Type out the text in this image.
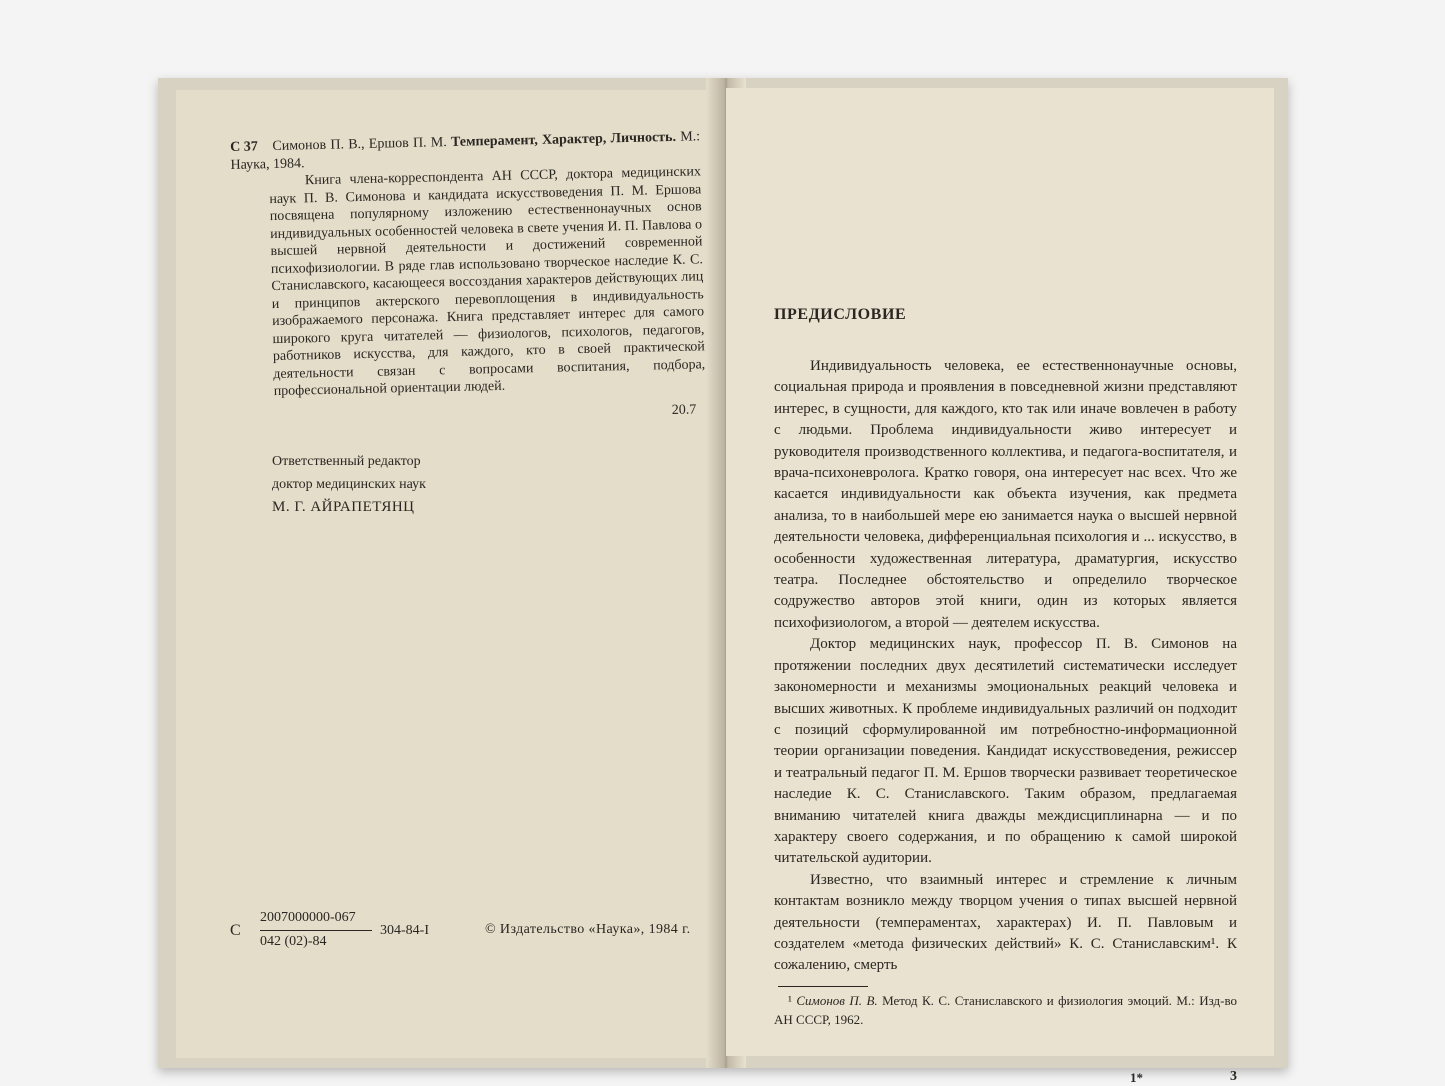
С 37 Симонов П. В., Ершов П. М. Темперамент, Характер, Личность. М.: Наука, 1984.

Книга члена-корреспондента АН СССР, доктора медицинских наук П. В. Симонова и кандидата искусствоведения П. М. Ершова посвящена популярному изложению естественнонаучных основ индивидуальных особенностей человека в свете учения И. П. Павлова о высшей нервной деятельности и достижений современной психофизиологии. В ряде глав использовано творческое наследие К. С. Станиславского, касающееся воссоздания характеров действующих лиц и принципов актерского перевоплощения в индивидуальность изображаемого персонажа. Книга представляет интерес для самого широкого круга читателей — физиологов, психологов, педагогов, работников искусства, для каждого, кто в своей практической деятельности связан с вопросами воспитания, подбора, профессиональной ориентации людей.

20.7
Ответственный редактор
доктор медицинских наук
М. Г. АЙРАПЕТЯНЦ
С
2007000000-067
042 (02)-84
304-84-I	© Издательство «Наука», 1984 г.
ПРЕДИСЛОВИЕ

Индивидуальность человека, ее естественнонаучные основы, социальная природа и проявления в повседневной жизни представляют интерес, в сущности, для каждого, кто так или иначе вовлечен в работу с людьми. Проблема индивидуальности живо интересует и руководителя производственного коллектива, и педагога-воспитателя, и врача-психоневролога. Кратко говоря, она интересует нас всех. Что же касается индивидуальности как объекта изучения, как предмета анализа, то в наибольшей мере ею занимается наука о высшей нервной деятельности человека, дифференциальная психология и ... искусство, в особенности художественная литература, драматургия, искусство театра. Последнее обстоятельство и определило творческое содружество авторов этой книги, один из которых является психофизиологом, а второй — деятелем искусства.

Доктор медицинских наук, профессор П. В. Симонов на протяжении последних двух десятилетий систематически исследует закономерности и механизмы эмоциональных реакций человека и высших животных. К проблеме индивидуальных различий он подходит с позиций сформулированной им потребностно-информационной теории организации поведения. Кандидат искусствоведения, режиссер и театральный педагог П. М. Ершов творчески развивает теоретическое наследие К. С. Станиславского. Таким образом, предлагаемая вниманию читателей книга дважды междисциплинарна — и по характеру своего содержания, и по обращению к самой широкой читательской аудитории.

Известно, что взаимный интерес и стремление к личным контактам возникло между творцом учения о типах высшей нервной деятельности (темпераментах, характерах) И. П. Павловым и создателем «метода физических действий» К. С. Станиславским¹. К сожалению, смерть

¹ Симонов П. В. Метод К. С. Станиславского и физиология эмоций. М.: Изд-во АН СССР, 1962.
1*	3
